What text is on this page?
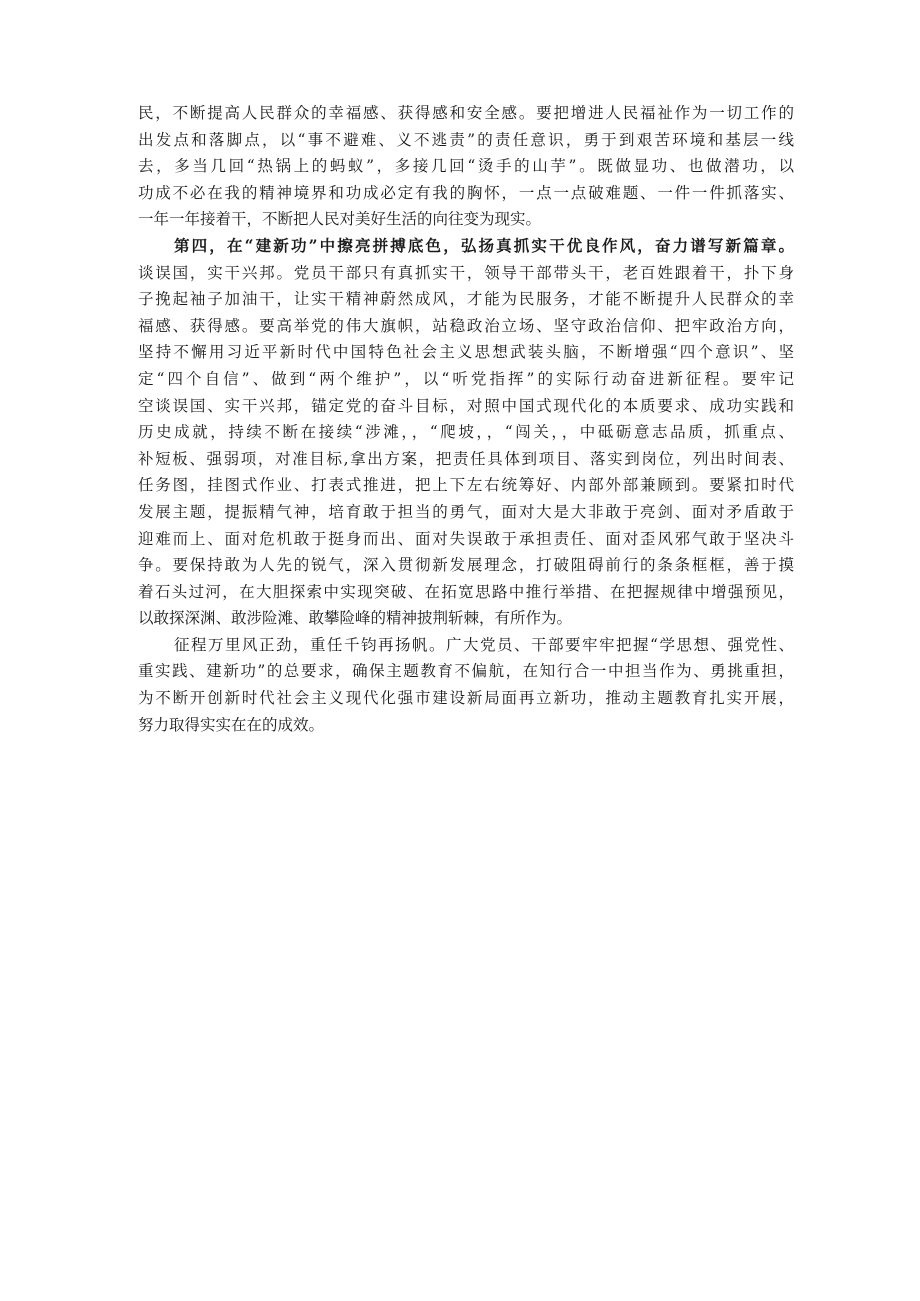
民，不断提高人民群众的幸福感、获得感和安全感。要把增进人民福祉作为一切工作的
出发点和落脚点，以“事不避难、义不逃责”的责任意识，勇于到艰苦环境和基层一线
去，多当几回“热锅上的蚂蚁”，多接几回“烫手的山芋”。既做显功、也做潜功，以
功成不必在我的精神境界和功成必定有我的胸怀，一点一点破难题、一件一件抓落实、
一年一年接着干，不断把人民对美好生活的向往变为现实。
第四，在“建新功”中擦亮拼搏底色，弘扬真抓实干优良作风，奋力谱写新篇章。
谈误国，实干兴邦。党员干部只有真抓实干，领导干部带头干，老百姓跟着干，扑下身
子挽起袖子加油干，让实干精神蔚然成风，才能为民服务，才能不断提升人民群众的幸
福感、获得感。要高举党的伟大旗帜，站稳政治立场、坚守政治信仰、把牢政治方向，
坚持不懈用习近平新时代中国特色社会主义思想武装头脑，不断增强“四个意识”、坚
定“四个自信”、做到“两个维护”，以“听党指挥”的实际行动奋进新征程。要牢记
空谈误国、实干兴邦，锚定党的奋斗目标，对照中国式现代化的本质要求、成功实践和
历史成就，持续不断在接续“涉滩，，“爬坡，，“闯关，，中砥砺意志品质，抓重点、
补短板、强弱项，对准目标,拿出方案，把责任具体到项目、落实到岗位，列出时间表、
任务图，挂图式作业、打表式推进，把上下左右统筹好、内部外部兼顾到。要紧扣时代
发展主题，提振精气神，培育敢于担当的勇气，面对大是大非敢于亮剑、面对矛盾敢于
迎难而上、面对危机敢于挺身而出、面对失误敢于承担责任、面对歪风邪气敢于坚决斗
争。要保持敢为人先的锐气，深入贯彻新发展理念，打破阻碍前行的条条框框，善于摸
着石头过河，在大胆探索中实现突破、在拓宽思路中推行举措、在把握规律中增强预见，
以敢探深渊、敢涉险滩、敢攀险峰的精神披荆斩棘，有所作为。
征程万里风正劲，重任千钧再扬帆。广大党员、干部要牢牢把握“学思想、强党性、
重实践、建新功”的总要求，确保主题教育不偏航，在知行合一中担当作为、勇挑重担，
为不断开创新时代社会主义现代化强市建设新局面再立新功，推动主题教育扎实开展，
努力取得实实在在的成效。
